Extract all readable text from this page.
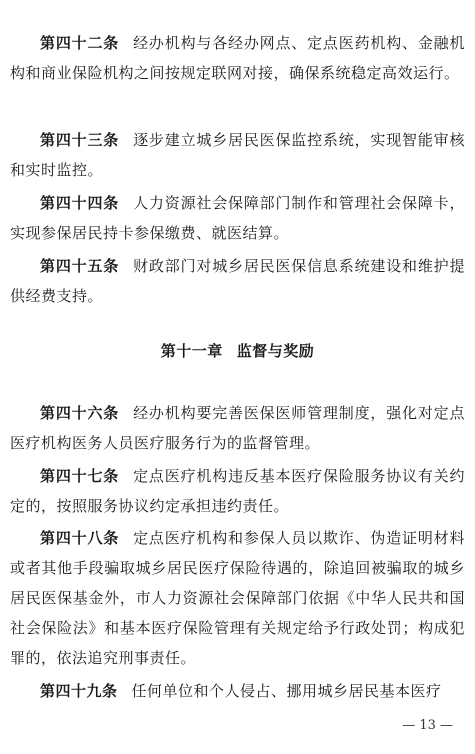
第四十二条 经办机构与各经办网点、定点医药机构、金融机构和商业保险机构之间按规定联网对接，确保系统稳定高效运行。

第四十三条 逐步建立城乡居民医保监控系统，实现智能审核和实时监控。

第四十四条 人力资源社会保障部门制作和管理社会保障卡，实现参保居民持卡参保缴费、就医结算。

第四十五条 财政部门对城乡居民医保信息系统建设和维护提供经费支持。

第十一章 监督与奖励

第四十六条 经办机构要完善医保医师管理制度，强化对定点医疗机构医务人员医疗服务行为的监督管理。

第四十七条 定点医疗机构违反基本医疗保险服务协议有关约定的，按照服务协议约定承担违约责任。

第四十八条 定点医疗机构和参保人员以欺诈、伪造证明材料或者其他手段骗取城乡居民医疗保险待遇的，除追回被骗取的城乡居民医保基金外，市人力资源社会保障部门依据《中华人民共和国社会保险法》和基本医疗保险管理有关规定给予行政处罚；构成犯罪的，依法追究刑事责任。

第四十九条 任何单位和个人侵占、挪用城乡居民基本医疗

— 13 —
